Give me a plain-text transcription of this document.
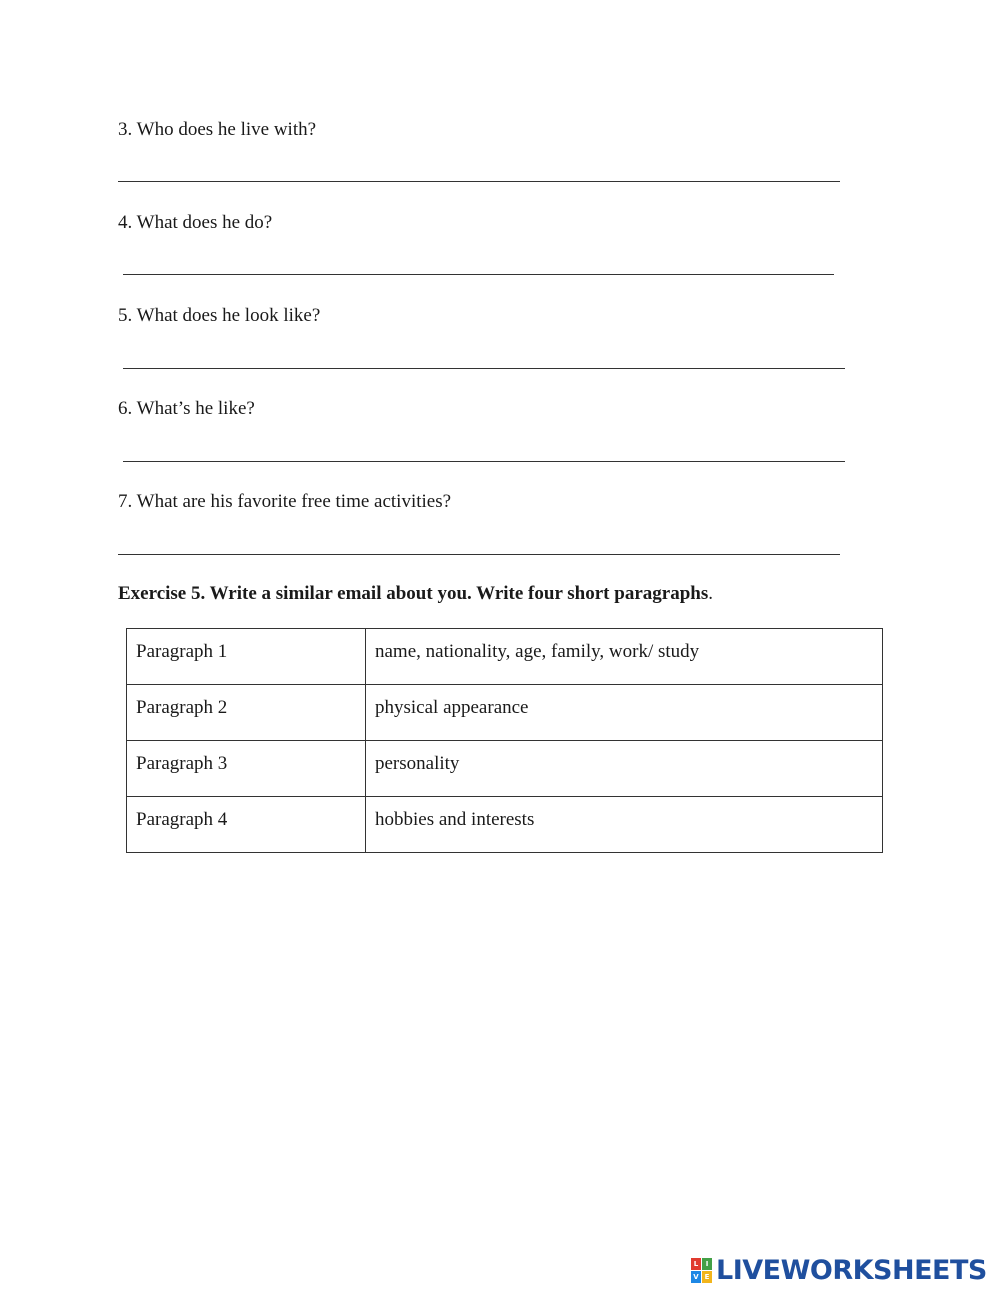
3. Who does he live with?
4. What does he do?
5. What does he look like?
6. What’s he like?
7. What are his favorite free time activities?
Exercise 5. Write a similar email about you. Write four short paragraphs.
Paragraph 1	name, nationality, age, family, work/ study
Paragraph 2	physical appearance
Paragraph 3	personality
Paragraph 4	hobbies and interests
L	I
V E LIVEWORKSHEETS
